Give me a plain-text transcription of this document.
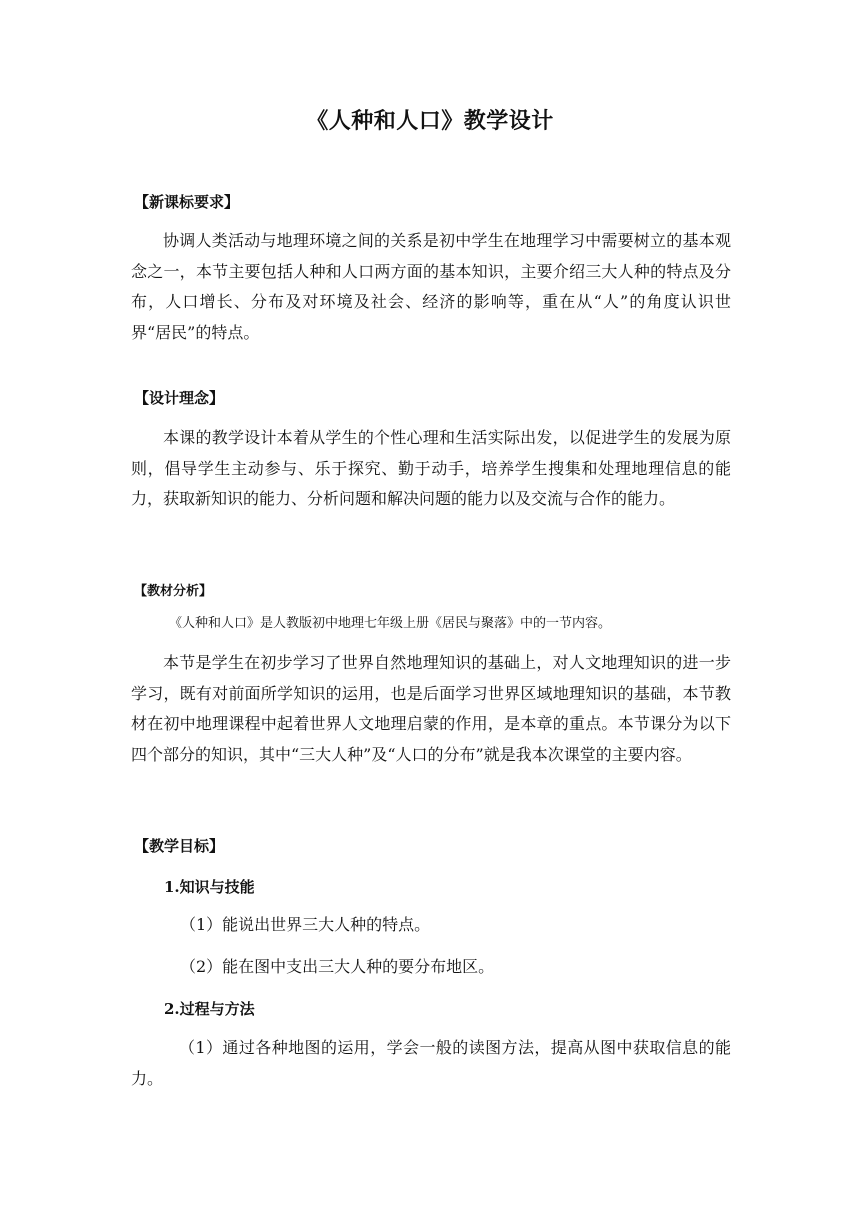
《人种和人口》教学设计
【新课标要求】

协调人类活动与地理环境之间的关系是初中学生在地理学习中需要树立的基本观念之一，本节主要包括人种和人口两方面的基本知识，主要介绍三大人种的特点及分布，人口增长、分布及对环境及社会、经济的影响等，重在从“人”的角度认识世界“居民”的特点。

【设计理念】

本课的教学设计本着从学生的个性心理和生活实际出发，以促进学生的发展为原则，倡导学生主动参与、乐于探究、勤于动手，培养学生搜集和处理地理信息的能力，获取新知识的能力、分析问题和解决问题的能力以及交流与合作的能力。

【教材分析】

《人种和人口》是人教版初中地理七年级上册《居民与聚落》中的一节内容。

本节是学生在初步学习了世界自然地理知识的基础上，对人文地理知识的进一步学习，既有对前面所学知识的运用，也是后面学习世界区域地理知识的基础，本节教材在初中地理课程中起着世界人文地理启蒙的作用，是本章的重点。本节课分为以下四个部分的知识，其中“三大人种”及“人口的分布”就是我本次课堂的主要内容。

【教学目标】
1.知识与技能
（1）能说出世界三大人种的特点。
（2）能在图中支出三大人种的要分布地区。
2.过程与方法

（1）通过各种地图的运用，学会一般的读图方法，提高从图中获取信息的能力。
